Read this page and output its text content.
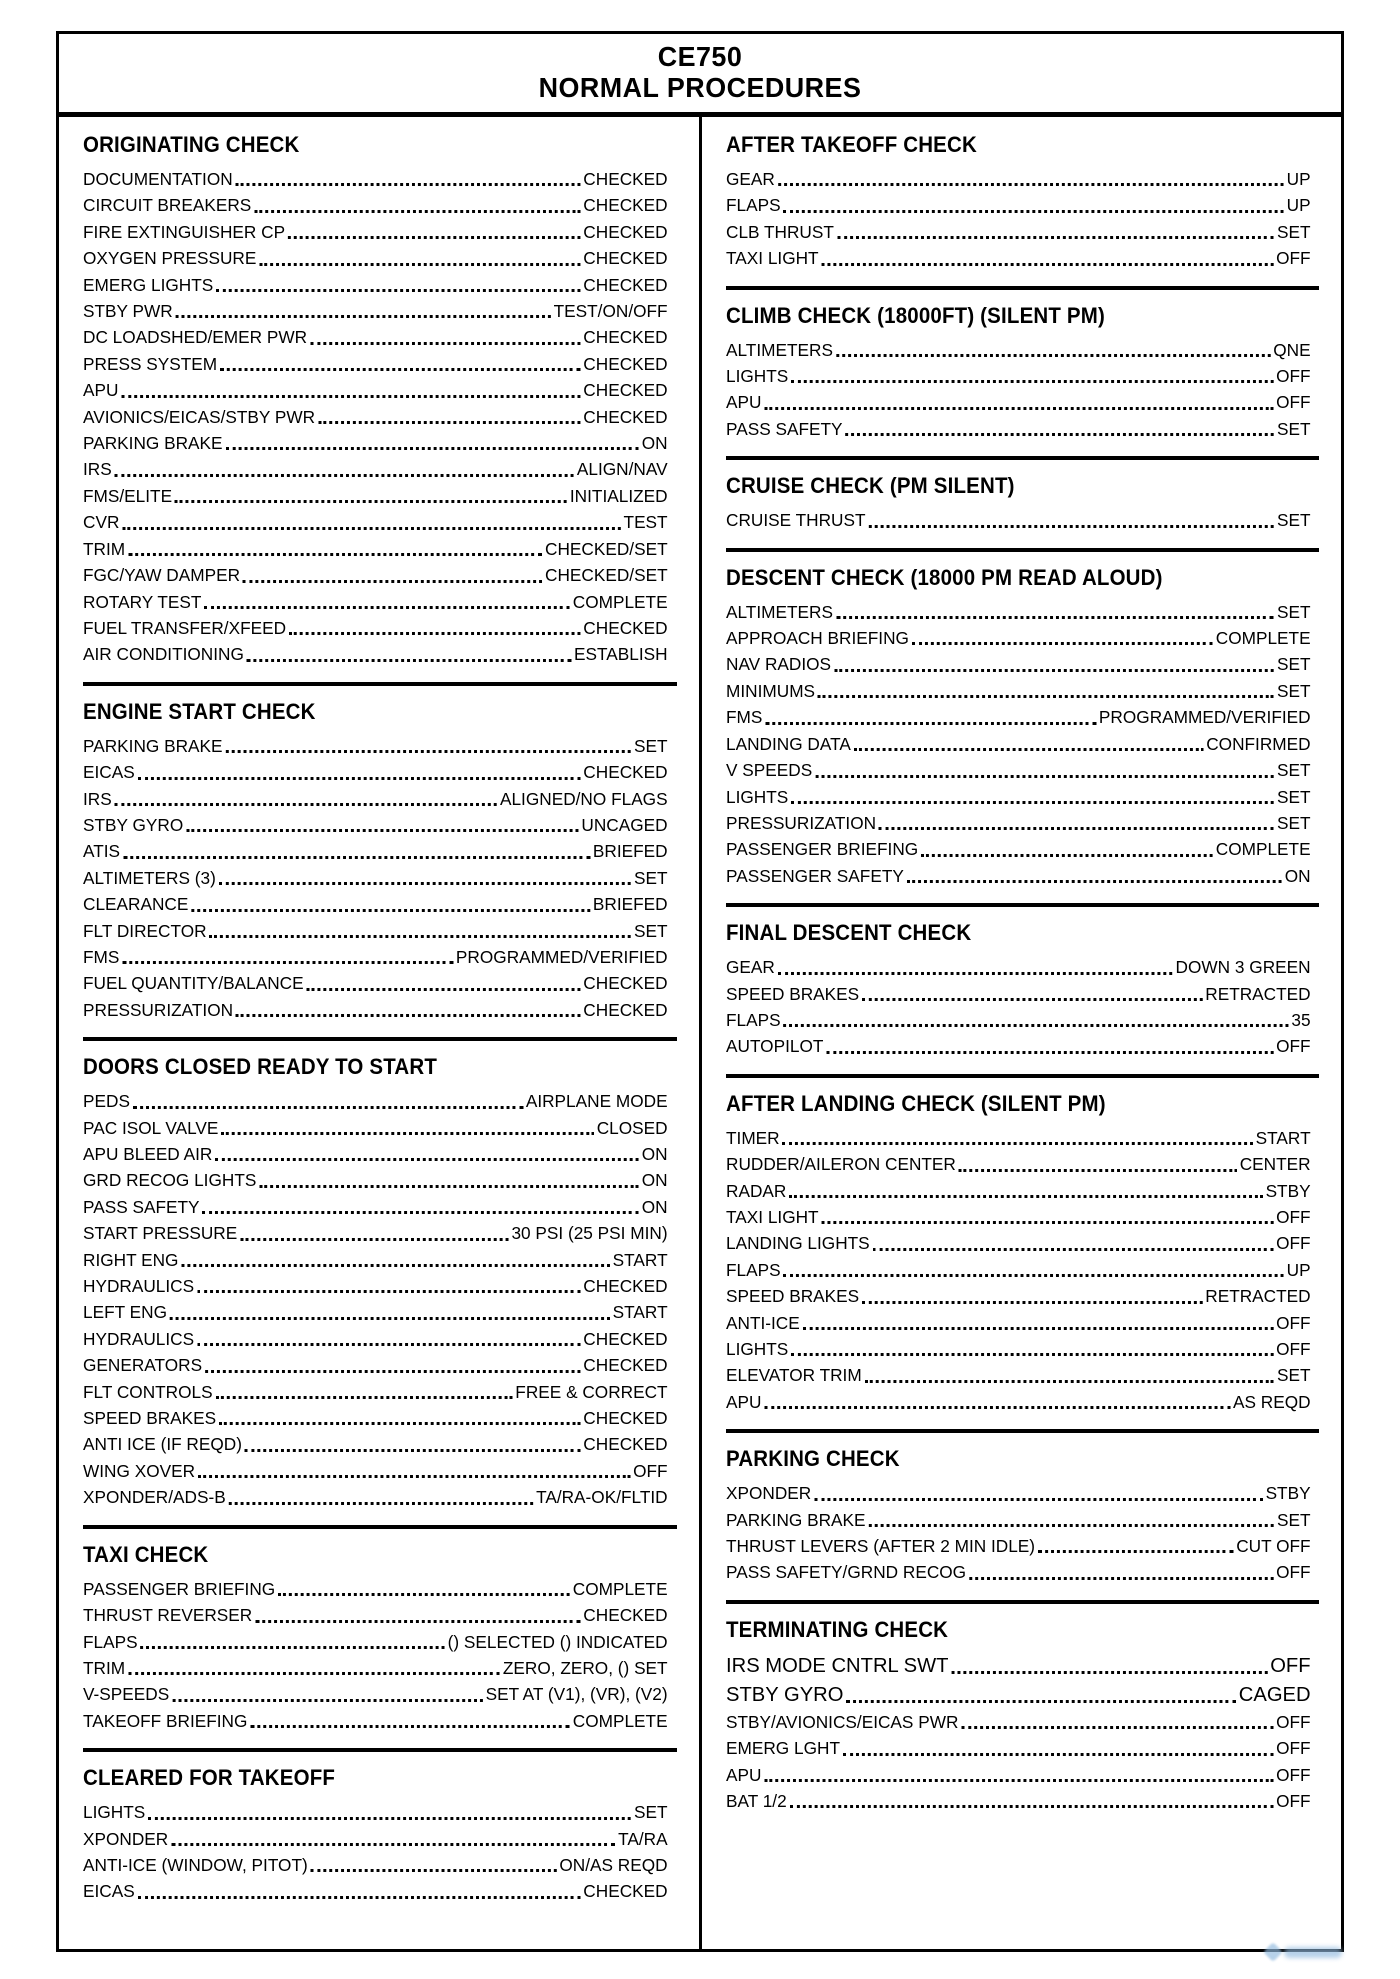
CE750
NORMAL PROCEDURES
ORIGINATING CHECK
DOCUMENTATION	CHECKED
CIRCUIT BREAKERS	CHECKED
FIRE EXTINGUISHER CP	CHECKED
OXYGEN PRESSURE	CHECKED
EMERG LIGHTS	CHECKED
STBY PWR	TEST/ON/OFF
DC LOADSHED/EMER PWR	CHECKED
PRESS SYSTEM	CHECKED
APU	CHECKED
AVIONICS/EICAS/STBY PWR	CHECKED
PARKING BRAKE	ON
IRS	ALIGN/NAV
FMS/ELITE	INITIALIZED
CVR	TEST
TRIM	CHECKED/SET
FGC/YAW DAMPER	CHECKED/SET
ROTARY TEST	COMPLETE
FUEL TRANSFER/XFEED	CHECKED
AIR CONDITIONING	ESTABLISH
ENGINE START CHECK
PARKING BRAKE	SET
EICAS	CHECKED
IRS	ALIGNED/NO FLAGS
STBY GYRO	UNCAGED
ATIS	BRIEFED
ALTIMETERS (3)	SET
CLEARANCE	BRIEFED
FLT DIRECTOR	SET
FMS	PROGRAMMED/VERIFIED
FUEL QUANTITY/BALANCE	CHECKED
PRESSURIZATION	CHECKED
DOORS CLOSED READY TO START
PEDS	AIRPLANE MODE
PAC ISOL VALVE	CLOSED
APU BLEED AIR	ON
GRD RECOG LIGHTS	ON
PASS SAFETY	ON
START PRESSURE	30 PSI (25 PSI MIN)
RIGHT ENG	START
HYDRAULICS	CHECKED
LEFT ENG	START
HYDRAULICS	CHECKED
GENERATORS	CHECKED
FLT CONTROLS	FREE & CORRECT
SPEED BRAKES	CHECKED
ANTI ICE (IF REQD)	CHECKED
WING XOVER	OFF
XPONDER/ADS-B	TA/RA-OK/FLTID
TAXI CHECK
PASSENGER BRIEFING	COMPLETE
THRUST REVERSER	CHECKED
FLAPS	() SELECTED () INDICATED
TRIM	ZERO, ZERO, () SET
V-SPEEDS	SET AT (V1), (VR), (V2)
TAKEOFF BRIEFING	COMPLETE
CLEARED FOR TAKEOFF
LIGHTS	SET
XPONDER	TA/RA
ANTI-ICE (WINDOW, PITOT)	ON/AS REQD
EICAS	CHECKED
AFTER TAKEOFF CHECK
GEAR	UP
FLAPS	UP
CLB THRUST	SET
TAXI LIGHT	OFF
CLIMB CHECK (18000FT) (SILENT PM)
ALTIMETERS	QNE
LIGHTS	OFF
APU	OFF
PASS SAFETY	SET
CRUISE CHECK (PM SILENT)
CRUISE THRUST	SET
DESCENT CHECK (18000 PM READ ALOUD)
ALTIMETERS	SET
APPROACH BRIEFING	COMPLETE
NAV RADIOS	SET
MINIMUMS	SET
FMS	PROGRAMMED/VERIFIED
LANDING DATA	CONFIRMED
V SPEEDS	SET
LIGHTS	SET
PRESSURIZATION	SET
PASSENGER BRIEFING	COMPLETE
PASSENGER SAFETY	ON
FINAL DESCENT CHECK
GEAR	DOWN 3 GREEN
SPEED BRAKES	RETRACTED
FLAPS	35
AUTOPILOT	OFF
AFTER LANDING CHECK (SILENT PM)
TIMER	START
RUDDER/AILERON CENTER	CENTER
RADAR	STBY
TAXI LIGHT	OFF
LANDING LIGHTS	OFF
FLAPS	UP
SPEED BRAKES	RETRACTED
ANTI-ICE	OFF
LIGHTS	OFF
ELEVATOR TRIM	SET
APU	AS REQD
PARKING CHECK
XPONDER	STBY
PARKING BRAKE	SET
THRUST LEVERS (AFTER 2 MIN IDLE)	CUT OFF
PASS SAFETY/GRND RECOG	OFF
TERMINATING CHECK
IRS MODE CNTRL SWT	OFF
STBY GYRO	CAGED
STBY/AVIONICS/EICAS PWR	OFF
EMERG LGHT	OFF
APU	OFF
BAT 1/2	OFF
